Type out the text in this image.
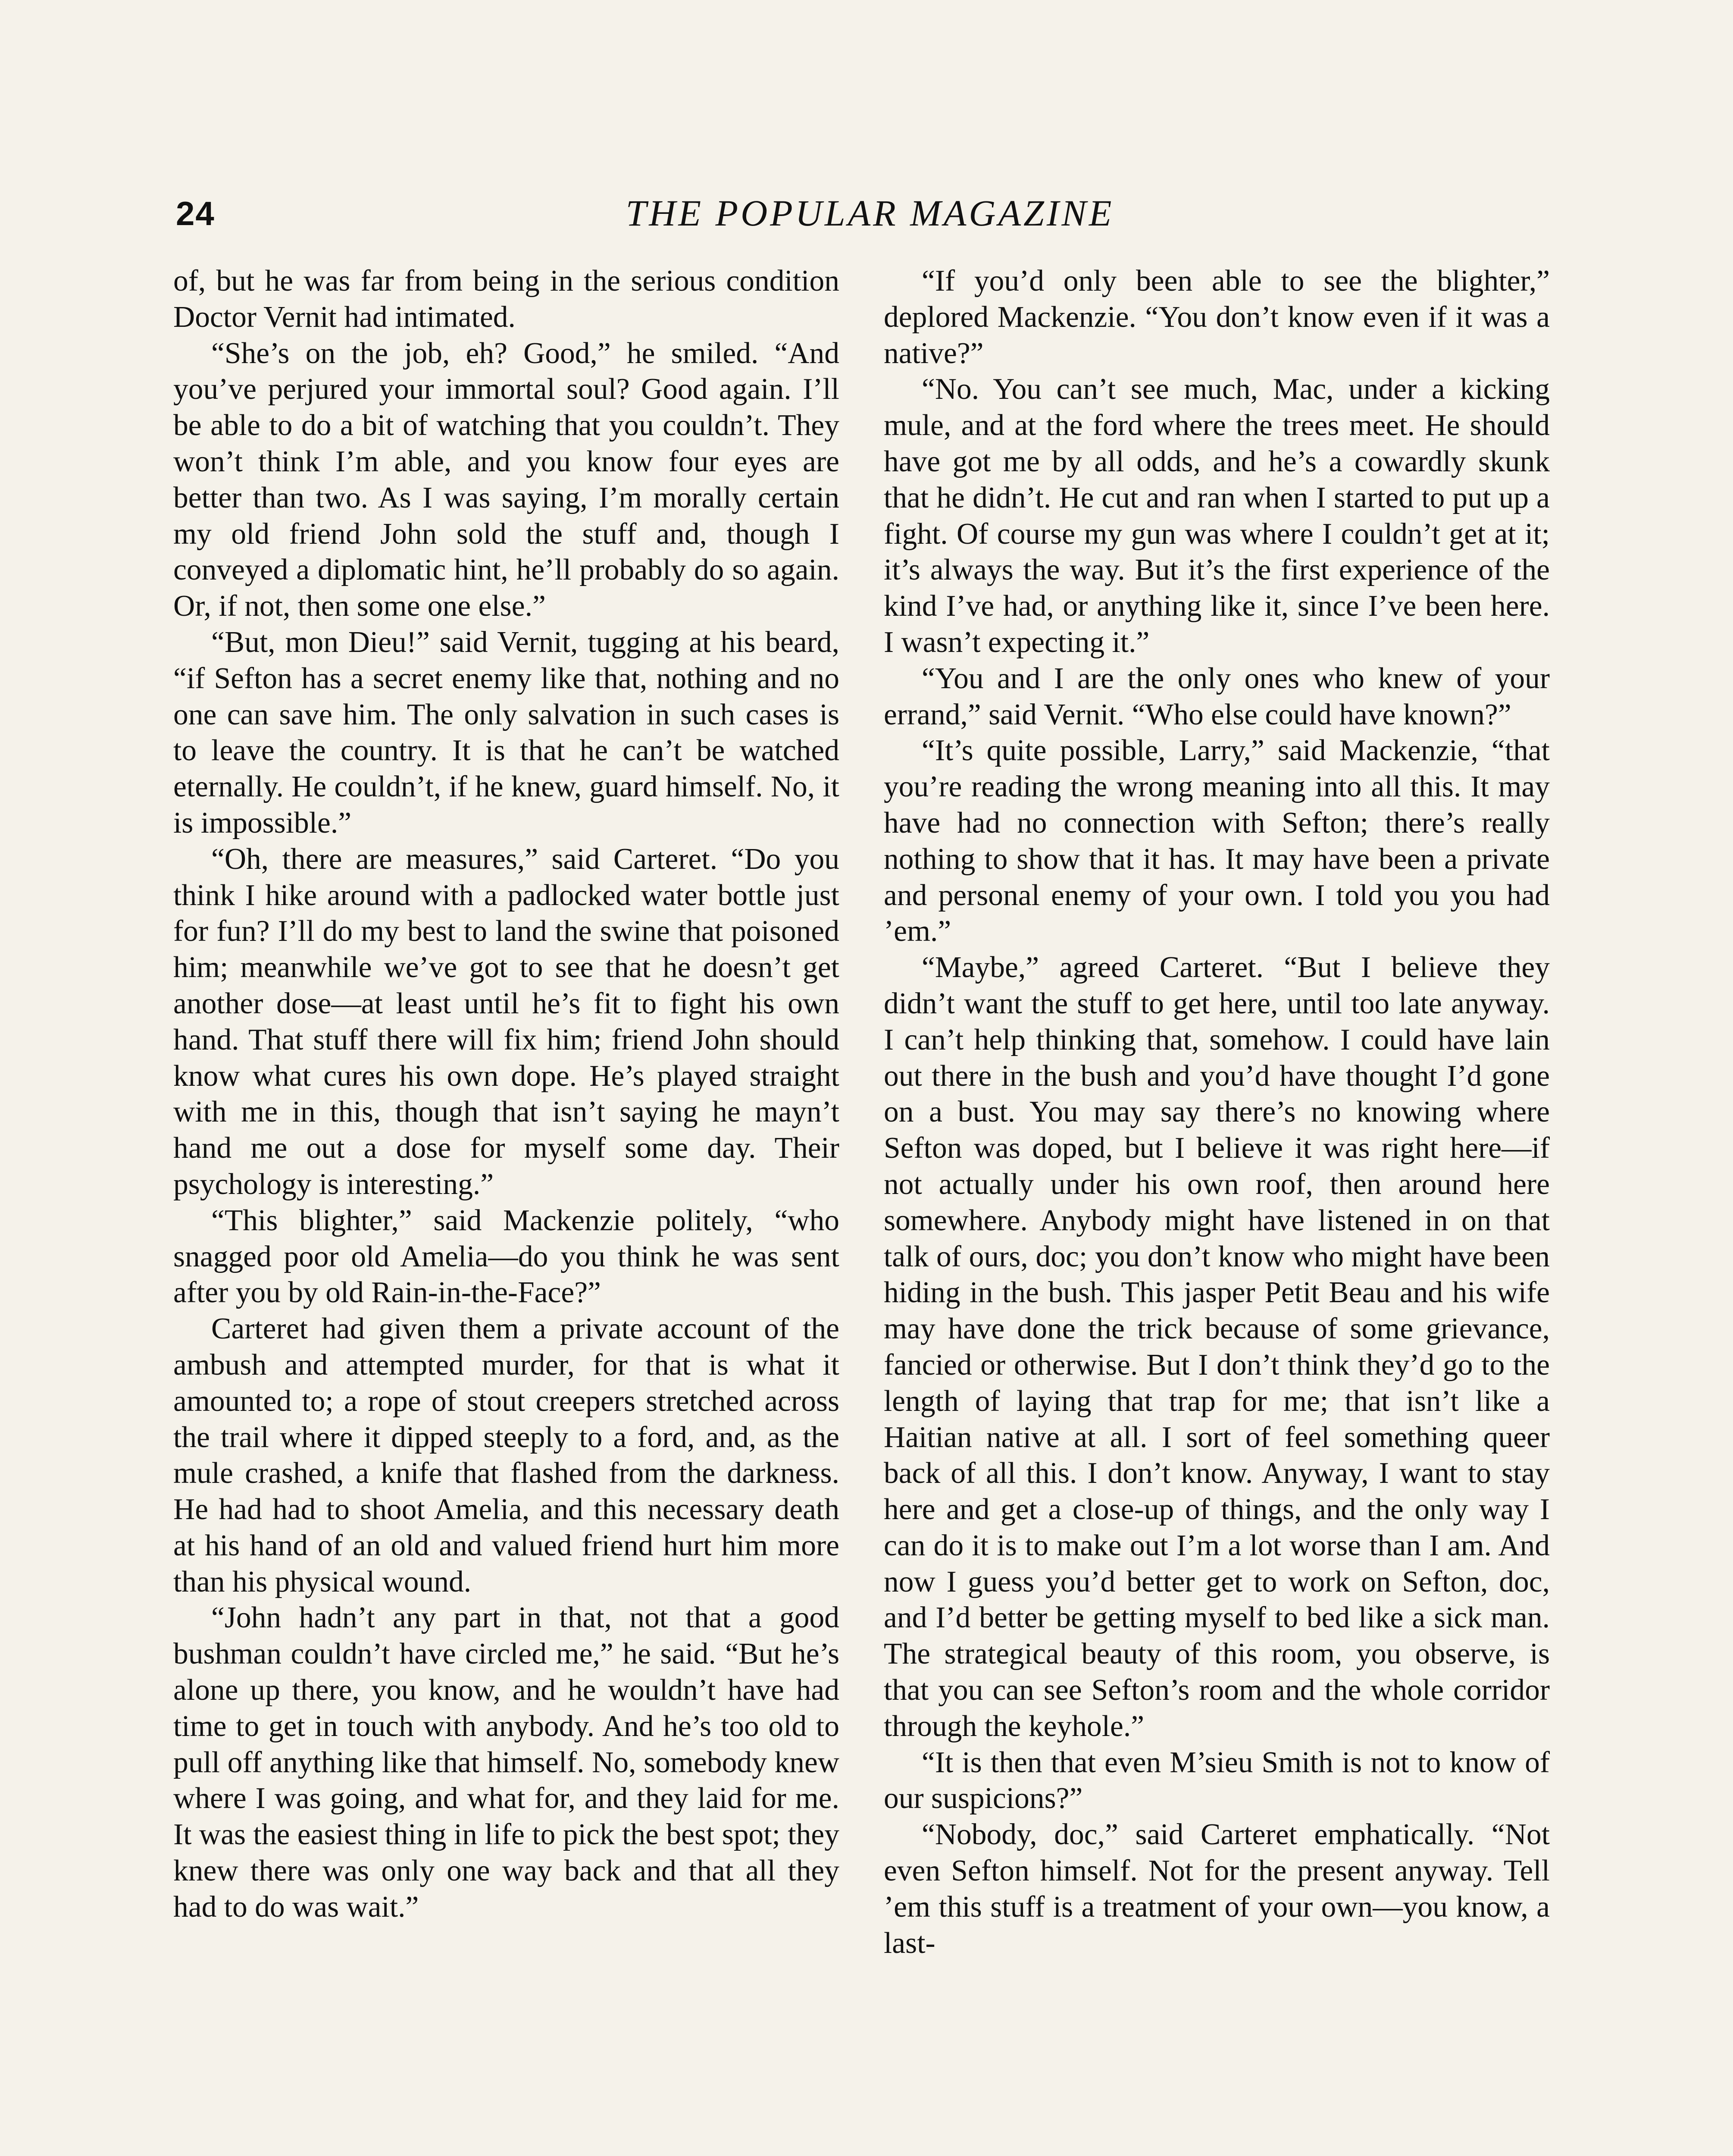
24	THE POPULAR MAGAZINE

of, but he was far from being in the serious condition Doctor Vernit had intimated.

“She’s on the job, eh? Good,” he smiled. “And you’ve perjured your immortal soul? Good again. I’ll be able to do a bit of watching that you couldn’t. They won’t think I’m able, and you know four eyes are better than two. As I was saying, I’m morally certain my old friend John sold the stuff and, though I conveyed a diplomatic hint, he’ll probably do so again. Or, if not, then some one else.”

“But, mon Dieu!” said Vernit, tugging at his beard, “if Sefton has a secret enemy like that, nothing and no one can save him. The only salvation in such cases is to leave the country. It is that he can’t be watched eternally. He couldn’t, if he knew, guard himself. No, it is impossible.”

“Oh, there are measures,” said Carteret. “Do you think I hike around with a padlocked water bottle just for fun? I’ll do my best to land the swine that poisoned him; meanwhile we’ve got to see that he doesn’t get another dose—at least until he’s fit to fight his own hand. That stuff there will fix him; friend John should know what cures his own dope. He’s played straight with me in this, though that isn’t saying he mayn’t hand me out a dose for myself some day. Their psychology is interesting.”

“This blighter,” said Mackenzie politely, “who snagged poor old Amelia—do you think he was sent after you by old Rain-in-the-Face?”

Carteret had given them a private account of the ambush and attempted murder, for that is what it amounted to; a rope of stout creepers stretched across the trail where it dipped steeply to a ford, and, as the mule crashed, a knife that flashed from the darkness. He had had to shoot Amelia, and this necessary death at his hand of an old and valued friend hurt him more than his physical wound.

“John hadn’t any part in that, not that a good bushman couldn’t have circled me,” he said. “But he’s alone up there, you know, and he wouldn’t have had time to get in touch with anybody. And he’s too old to pull off anything like that himself. No, somebody knew where I was going, and what for, and they laid for me. It was the easiest thing in life to pick the best spot; they knew there was only one way back and that all they had to do was wait.”

“If you’d only been able to see the blighter,” deplored Mackenzie. “You don’t know even if it was a native?”

“No. You can’t see much, Mac, under a kicking mule, and at the ford where the trees meet. He should have got me by all odds, and he’s a cowardly skunk that he didn’t. He cut and ran when I started to put up a fight. Of course my gun was where I couldn’t get at it; it’s always the way. But it’s the first experience of the kind I’ve had, or anything like it, since I’ve been here. I wasn’t expecting it.”

“You and I are the only ones who knew of your errand,” said Vernit. “Who else could have known?”

“It’s quite possible, Larry,” said Mackenzie, “that you’re reading the wrong meaning into all this. It may have had no connection with Sefton; there’s really nothing to show that it has. It may have been a private and personal enemy of your own. I told you you had ’em.”

“Maybe,” agreed Carteret. “But I believe they didn’t want the stuff to get here, until too late anyway. I can’t help thinking that, somehow. I could have lain out there in the bush and you’d have thought I’d gone on a bust. You may say there’s no knowing where Sefton was doped, but I believe it was right here—if not actually under his own roof, then around here somewhere. Anybody might have listened in on that talk of ours, doc; you don’t know who might have been hiding in the bush. This jasper Petit Beau and his wife may have done the trick because of some grievance, fancied or otherwise. But I don’t think they’d go to the length of laying that trap for me; that isn’t like a Haitian native at all. I sort of feel something queer back of all this. I don’t know. Anyway, I want to stay here and get a close-up of things, and the only way I can do it is to make out I’m a lot worse than I am. And now I guess you’d better get to work on Sefton, doc, and I’d better be getting myself to bed like a sick man. The strategical beauty of this room, you observe, is that you can see Sefton’s room and the whole corridor through the keyhole.”

“It is then that even M’sieu Smith is not to know of our suspicions?”

“Nobody, doc,” said Carteret emphatically. “Not even Sefton himself. Not for the present anyway. Tell ’em this stuff is a treatment of your own—you know, a last-
